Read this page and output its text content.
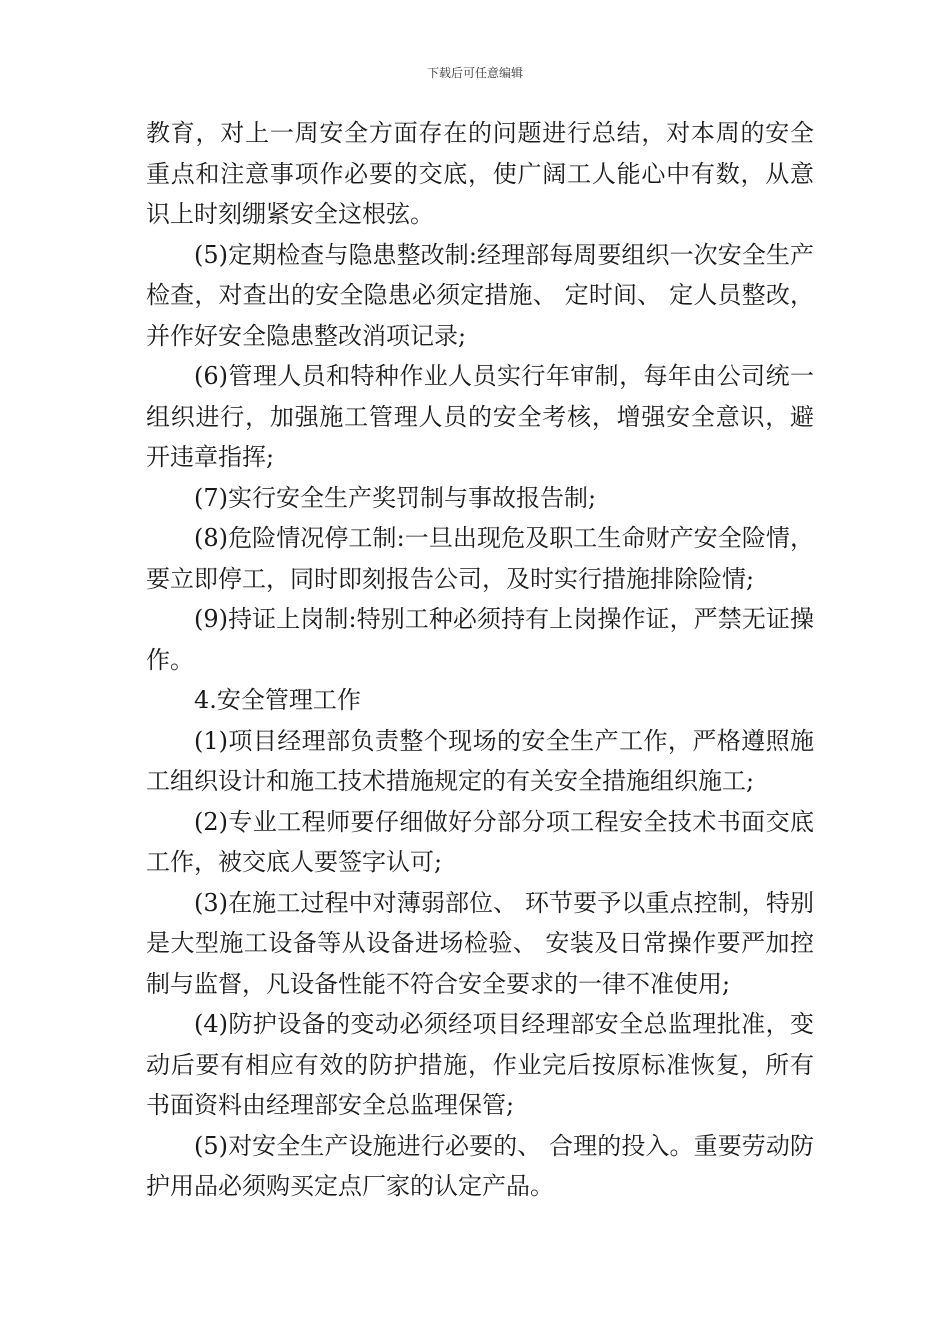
下载后可任意编辑

教育，对上一周安全方面存在的问题进行总结，对本周的安全重点和注意事项作必要的交底，使广阔工人能心中有数，从意识上时刻绷紧安全这根弦。

(5)定期检查与隐患整改制:经理部每周要组织一次安全生产检查，对查出的安全隐患必须定措施、 定时间、 定人员整改，并作好安全隐患整改消项记录;

(6)管理人员和特种作业人员实行年审制，每年由公司统一组织进行，加强施工管理人员的安全考核，增强安全意识，避开违章指挥;

(7)实行安全生产奖罚制与事故报告制;

(8)危险情况停工制:一旦出现危及职工生命财产安全险情，要立即停工，同时即刻报告公司，及时实行措施排除险情;

(9)持证上岗制:特别工种必须持有上岗操作证，严禁无证操作。

4.安全管理工作

(1)项目经理部负责整个现场的安全生产工作，严格遵照施工组织设计和施工技术措施规定的有关安全措施组织施工;

(2)专业工程师要仔细做好分部分项工程安全技术书面交底工作，被交底人要签字认可;

(3)在施工过程中对薄弱部位、 环节要予以重点控制，特别是大型施工设备等从设备进场检验、 安装及日常操作要严加控制与监督，凡设备性能不符合安全要求的一律不准使用;

(4)防护设备的变动必须经项目经理部安全总监理批准，变动后要有相应有效的防护措施，作业完后按原标准恢复，所有书面资料由经理部安全总监理保管;

(5)对安全生产设施进行必要的、 合理的投入。重要劳动防护用品必须购买定点厂家的认定产品。
